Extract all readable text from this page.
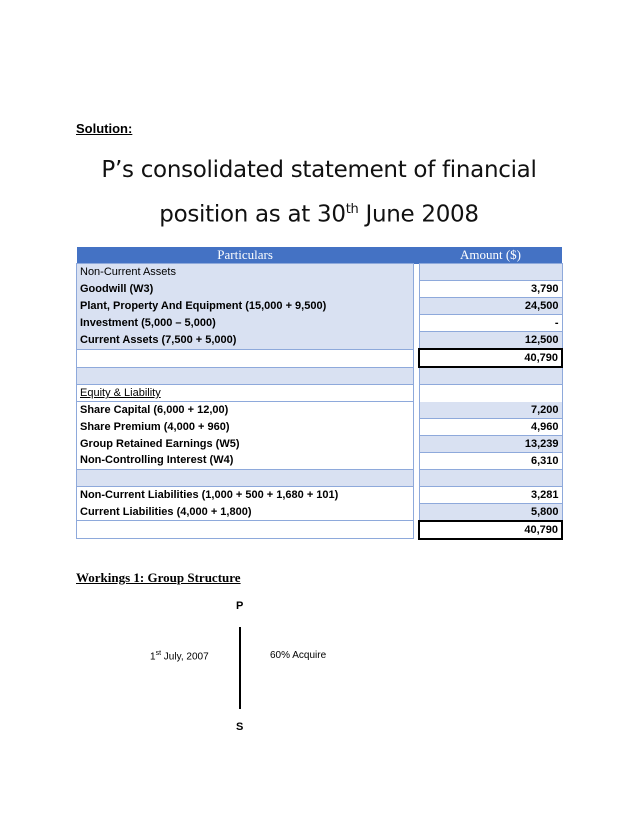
Solution:
P’s consolidated statement of financial
position as at 30th June 2008
Particulars		Amount ($)
Non-Current Assets		
Goodwill (W3)		3,790
Plant, Property And Equipment (15,000 + 9,500)		24,500
Investment (5,000 – 5,000)		-
Current Assets (7,500 + 5,000)		12,500
		40,790

Equity & Liability		
Share Capital (6,000 + 12,00)		7,200
Share Premium (4,000 + 960)		4,960
Group Retained Earnings (W5)		13,239
Non-Controlling Interest (W4)		6,310

Non-Current Liabilities (1,000 + 500 + 1,680 + 101)		3,281
Current Liabilities (4,000 + 1,800)		5,800
		40,790
Workings 1: Group Structure
P
1st July, 2007	60% Acquire
S
